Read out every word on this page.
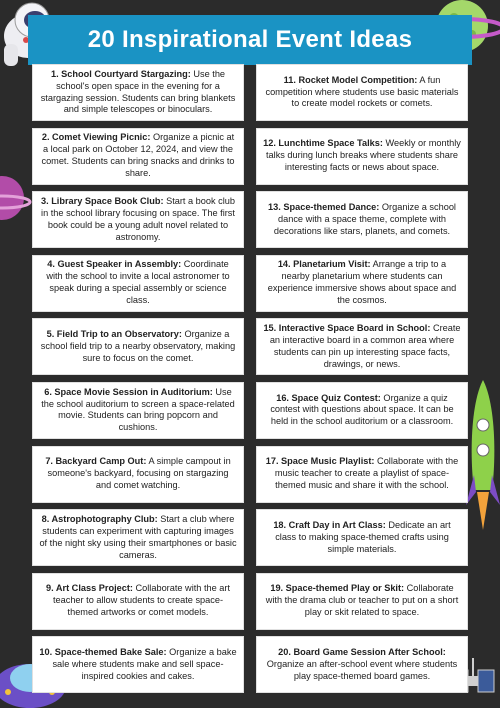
20 Inspirational Event Ideas
1. School Courtyard Stargazing: Use the school's open space in the evening for a stargazing session. Students can bring blankets and simple telescopes or binoculars.
11. Rocket Model Competition: A fun competition where students use basic materials to create model rockets or comets.
2. Comet Viewing Picnic: Organize a picnic at a local park on October 12, 2024, and view the comet. Students can bring snacks and drinks to share.
12. Lunchtime Space Talks: Weekly or monthly talks during lunch breaks where students share interesting facts or news about space.
3. Library Space Book Club: Start a book club in the school library focusing on space. The first book could be a young adult novel related to astronomy.
13. Space-themed Dance: Organize a school dance with a space theme, complete with decorations like stars, planets, and comets.
4. Guest Speaker in Assembly: Coordinate with the school to invite a local astronomer to speak during a special assembly or science class.
14. Planetarium Visit: Arrange a trip to a nearby planetarium where students can experience immersive shows about space and the cosmos.
5. Field Trip to an Observatory: Organize a school field trip to a nearby observatory, making sure to focus on the comet.
15. Interactive Space Board in School: Create an interactive board in a common area where students can pin up interesting space facts, drawings, or news.
6. Space Movie Session in Auditorium: Use the school auditorium to screen a space-related movie. Students can bring popcorn and cushions.
16. Space Quiz Contest: Organize a quiz contest with questions about space. It can be held in the school auditorium or a classroom.
7. Backyard Camp Out: A simple campout in someone's backyard, focusing on stargazing and comet watching.
17. Space Music Playlist: Collaborate with the music teacher to create a playlist of space-themed music and share it with the school.
8. Astrophotography Club: Start a club where students can experiment with capturing images of the night sky using their smartphones or basic cameras.
18. Craft Day in Art Class: Dedicate an art class to making space-themed crafts using simple materials.
9. Art Class Project: Collaborate with the art teacher to allow students to create space-themed artworks or comet models.
19. Space-themed Play or Skit: Collaborate with the drama club or teacher to put on a short play or skit related to space.
10. Space-themed Bake Sale: Organize a bake sale where students make and sell space-inspired cookies and cakes.
20. Board Game Session After School: Organize an after-school event where students play space-themed board games.
